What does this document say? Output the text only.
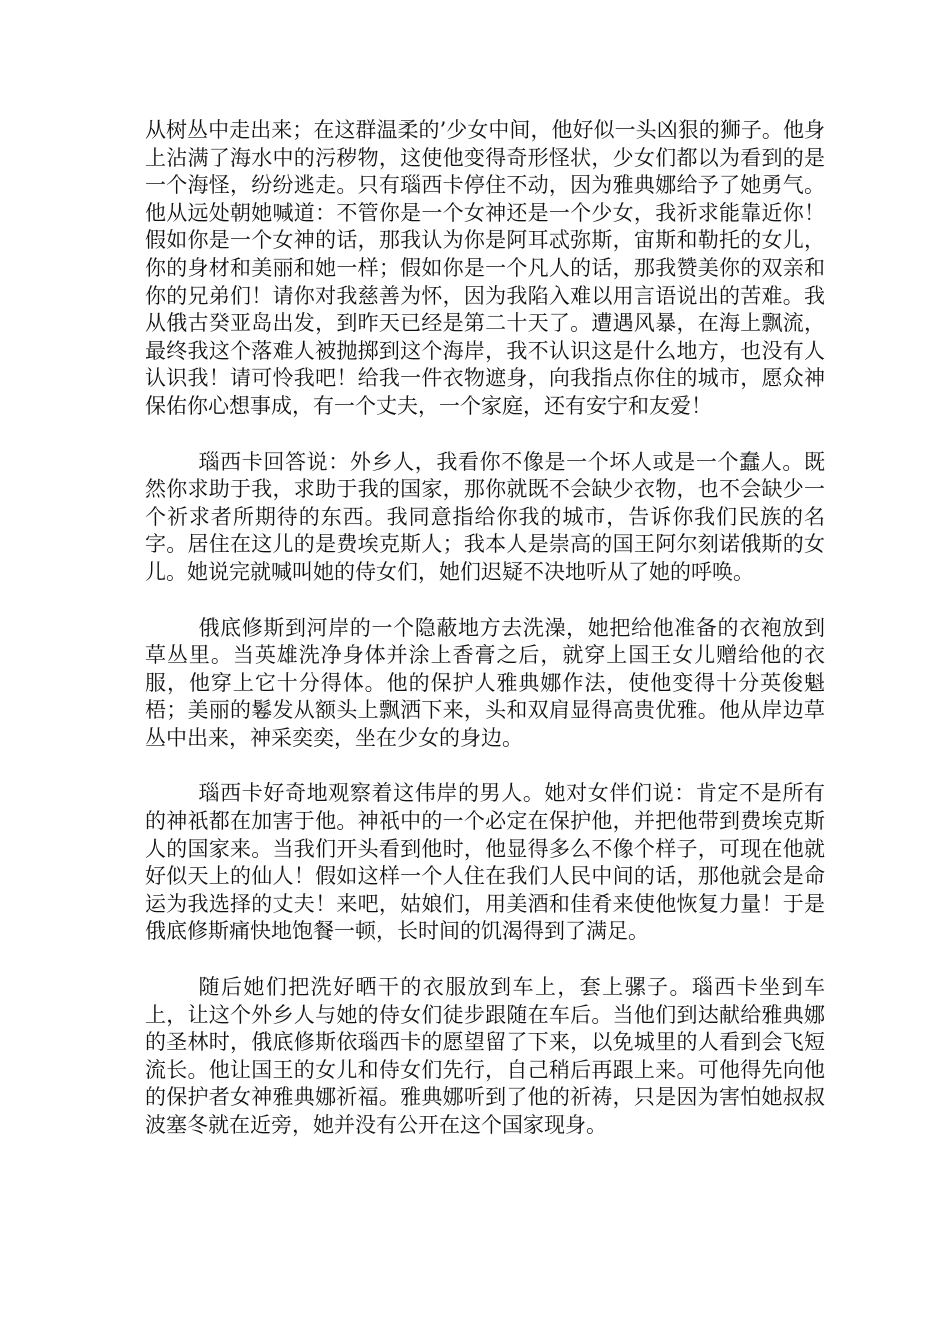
从树丛中走出来；在这群温柔的’少女中间，他好似一头凶狠的狮子。他身上沾满了海水中的污秽物，这使他变得奇形怪状，少女们都以为看到的是一个海怪，纷纷逃走。只有瑙西卡停住不动，因为雅典娜给予了她勇气。他从远处朝她喊道：不管你是一个女神还是一个少女，我祈求能靠近你！假如你是一个女神的话，那我认为你是阿耳忒弥斯，宙斯和勒托的女儿，你的身材和美丽和她一样；假如你是一个凡人的话，那我赞美你的双亲和你的兄弟们！请你对我慈善为怀，因为我陷入难以用言语说出的苦难。我从俄古癸亚岛出发，到昨天已经是第二十天了。遭遇风暴，在海上飘流，最终我这个落难人被抛掷到这个海岸，我不认识这是什么地方，也没有人认识我！请可怜我吧！给我一件衣物遮身，向我指点你住的城市，愿众神保佑你心想事成，有一个丈夫，一个家庭，还有安宁和友爱！

瑙西卡回答说：外乡人，我看你不像是一个坏人或是一个蠢人。既然你求助于我，求助于我的国家，那你就既不会缺少衣物，也不会缺少一个祈求者所期待的东西。我同意指给你我的城市，告诉你我们民族的名字。居住在这儿的是费埃克斯人；我本人是崇高的国王阿尔刻诺俄斯的女儿。她说完就喊叫她的侍女们，她们迟疑不决地听从了她的呼唤。

俄底修斯到河岸的一个隐蔽地方去洗澡，她把给他准备的衣袍放到草丛里。当英雄洗净身体并涂上香膏之后，就穿上国王女儿赠给他的衣服，他穿上它十分得体。他的保护人雅典娜作法，使他变得十分英俊魁梧；美丽的鬈发从额头上飘洒下来，头和双肩显得高贵优雅。他从岸边草丛中出来，神采奕奕，坐在少女的身边。

瑙西卡好奇地观察着这伟岸的男人。她对女伴们说：肯定不是所有的神祇都在加害于他。神祇中的一个必定在保护他，并把他带到费埃克斯人的国家来。当我们开头看到他时，他显得多么不像个样子，可现在他就好似天上的仙人！假如这样一个人住在我们人民中间的话，那他就会是命运为我选择的丈夫！来吧，姑娘们，用美酒和佳肴来使他恢复力量！于是俄底修斯痛快地饱餐一顿，长时间的饥渴得到了满足。

随后她们把洗好晒干的衣服放到车上，套上骡子。瑙西卡坐到车上，让这个外乡人与她的侍女们徒步跟随在车后。当他们到达献给雅典娜的圣林时，俄底修斯依瑙西卡的愿望留了下来，以免城里的人看到会飞短流长。他让国王的女儿和侍女们先行，自己稍后再跟上来。可他得先向他的保护者女神雅典娜祈福。雅典娜听到了他的祈祷，只是因为害怕她叔叔波塞冬就在近旁，她并没有公开在这个国家现身。
